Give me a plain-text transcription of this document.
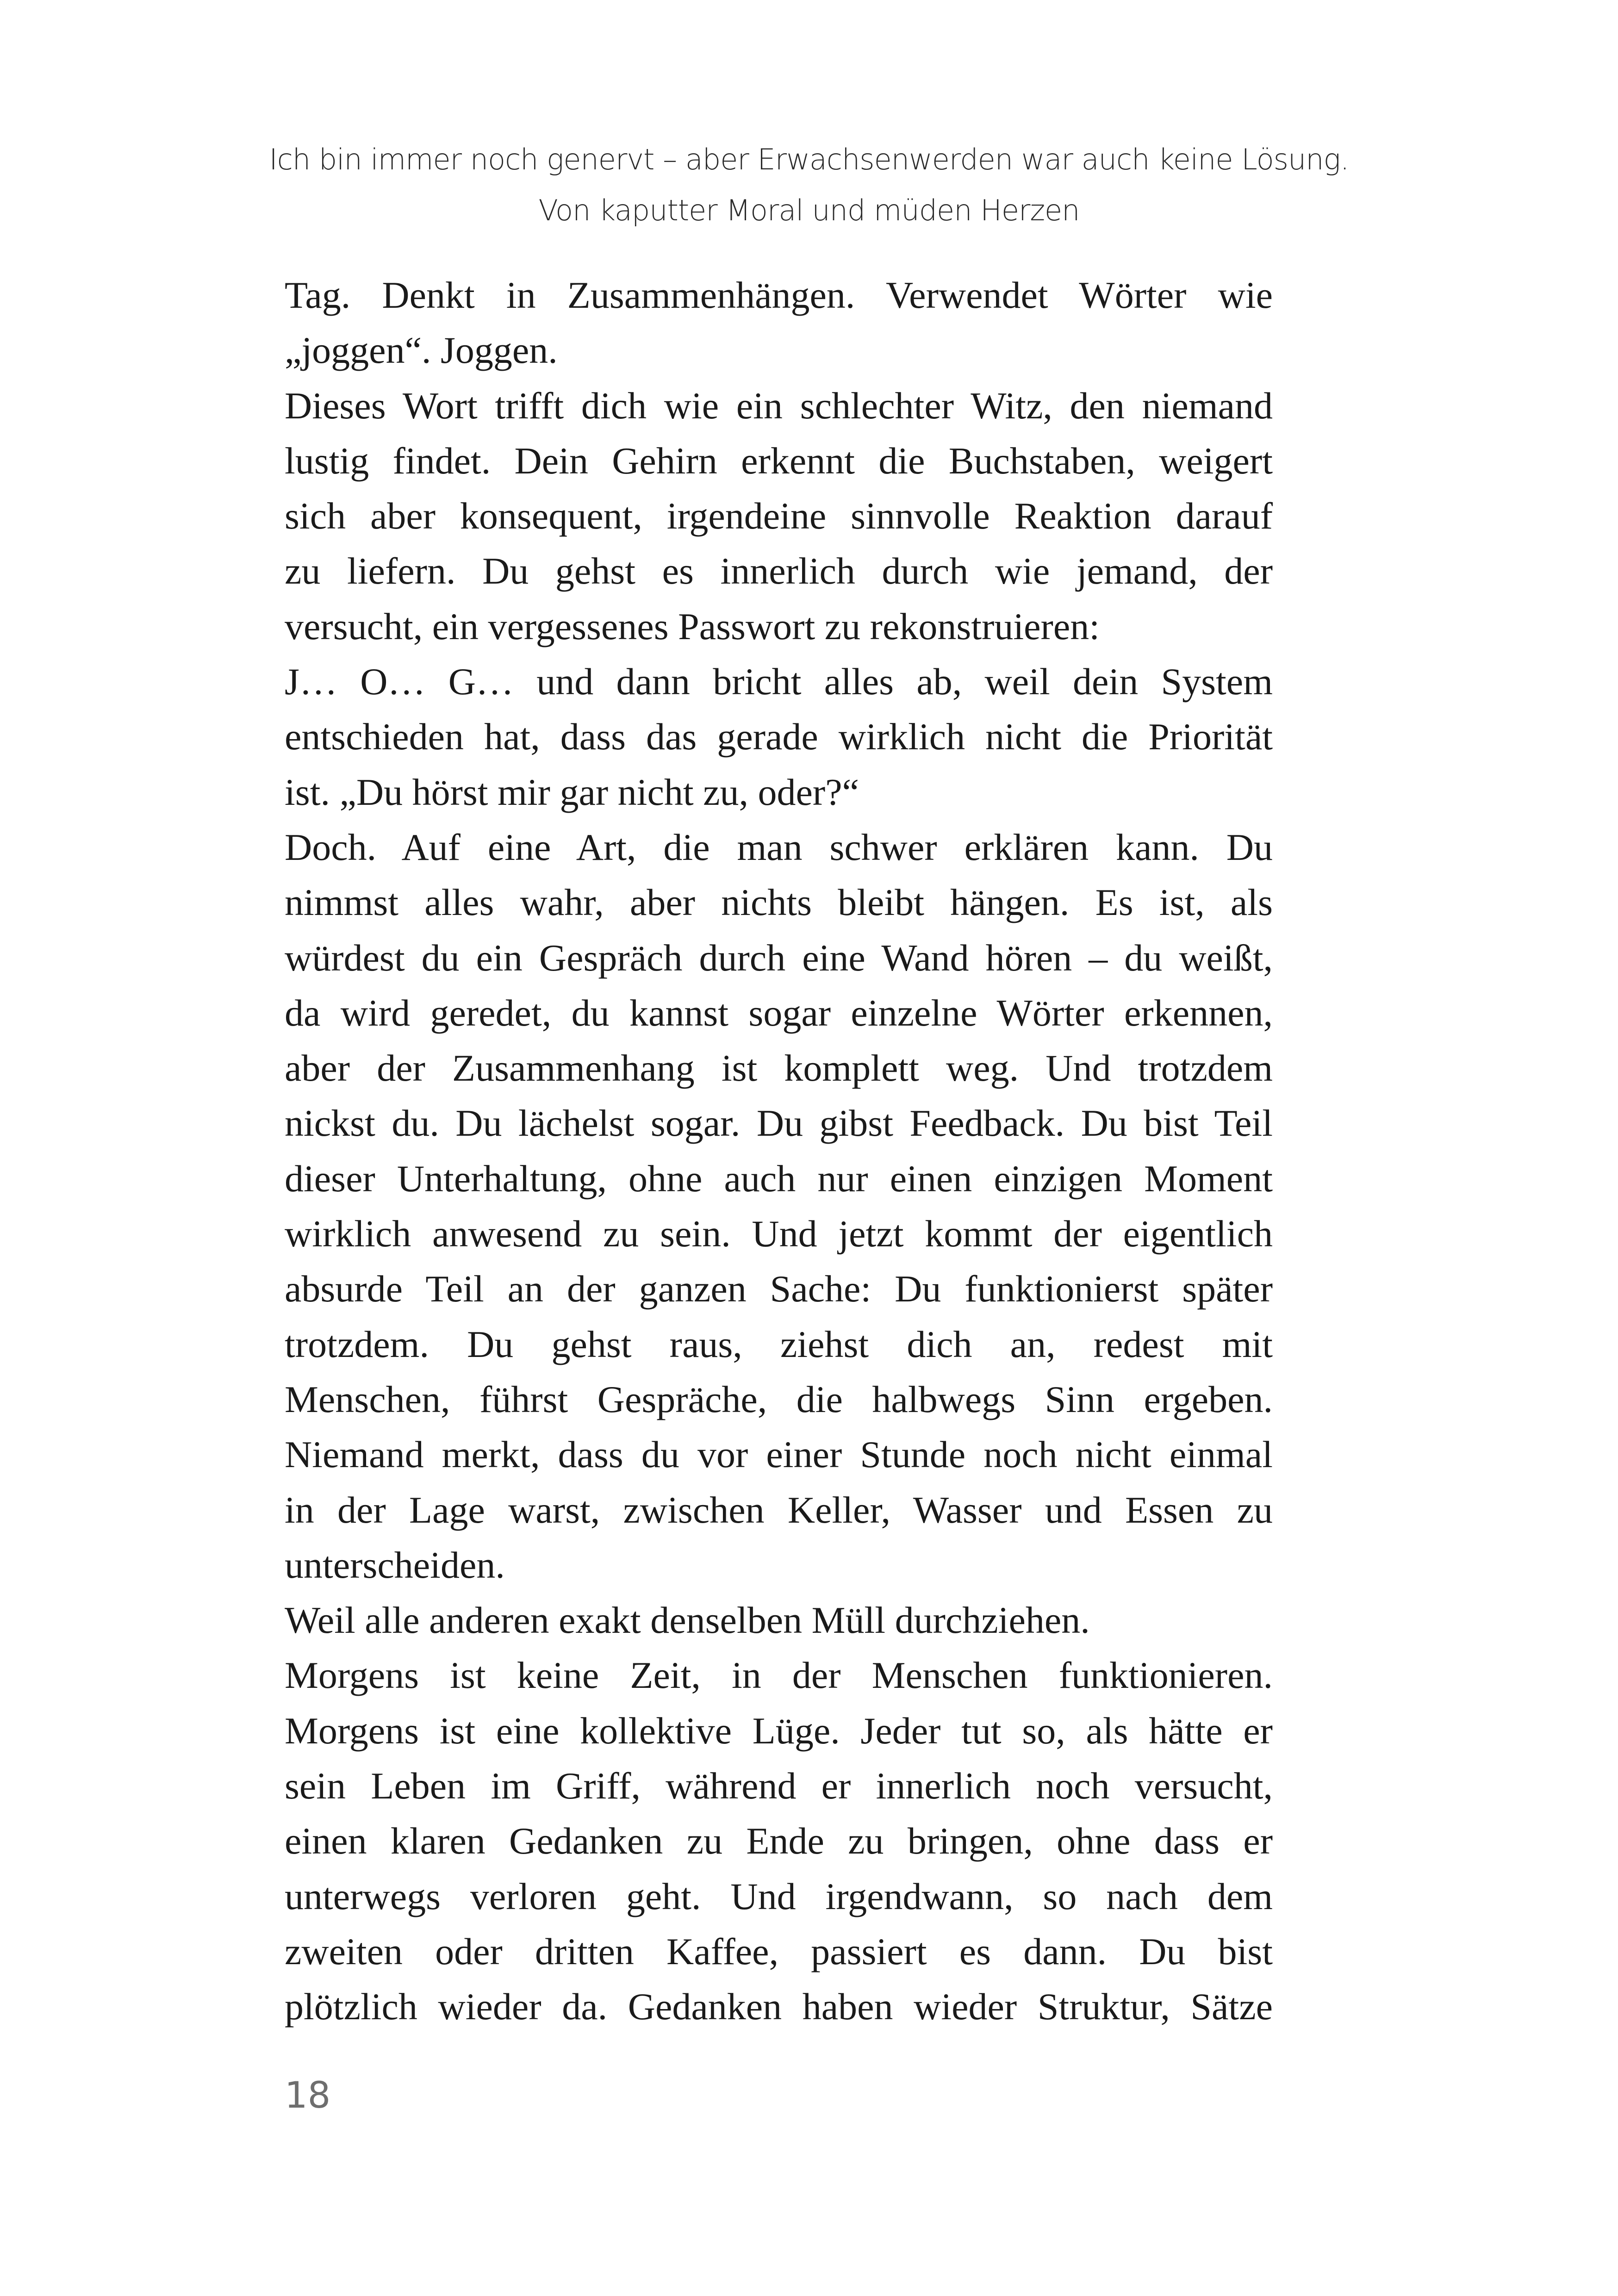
Ich bin immer noch genervt – aber Erwachsenwerden war auch keine Lösung.
Von kaputter Moral und müden Herzen
Tag. Denkt in Zusammenhängen. Verwendet Wörter wie
„joggen“. Joggen.
Dieses Wort trifft dich wie ein schlechter Witz, den niemand
lustig findet. Dein Gehirn erkennt die Buchstaben, weigert
sich aber konsequent, irgendeine sinnvolle Reaktion darauf
zu liefern. Du gehst es innerlich durch wie jemand, der
versucht, ein vergessenes Passwort zu rekonstruieren:
J… O… G… und dann bricht alles ab, weil dein System
entschieden hat, dass das gerade wirklich nicht die Priorität
ist. „Du hörst mir gar nicht zu, oder?“
Doch. Auf eine Art, die man schwer erklären kann. Du
nimmst alles wahr, aber nichts bleibt hängen. Es ist, als
würdest du ein Gespräch durch eine Wand hören – du weißt,
da wird geredet, du kannst sogar einzelne Wörter erkennen,
aber der Zusammenhang ist komplett weg. Und trotzdem
nickst du. Du lächelst sogar. Du gibst Feedback. Du bist Teil
dieser Unterhaltung, ohne auch nur einen einzigen Moment
wirklich anwesend zu sein. Und jetzt kommt der eigentlich
absurde Teil an der ganzen Sache: Du funktionierst später
trotzdem. Du gehst raus, ziehst dich an, redest mit
Menschen, führst Gespräche, die halbwegs Sinn ergeben.
Niemand merkt, dass du vor einer Stunde noch nicht einmal
in der Lage warst, zwischen Keller, Wasser und Essen zu
unterscheiden.
Weil alle anderen exakt denselben Müll durchziehen.
Morgens ist keine Zeit, in der Menschen funktionieren.
Morgens ist eine kollektive Lüge. Jeder tut so, als hätte er
sein Leben im Griff, während er innerlich noch versucht,
einen klaren Gedanken zu Ende zu bringen, ohne dass er
unterwegs verloren geht. Und irgendwann, so nach dem
zweiten oder dritten Kaffee, passiert es dann. Du bist
plötzlich wieder da. Gedanken haben wieder Struktur, Sätze
18
